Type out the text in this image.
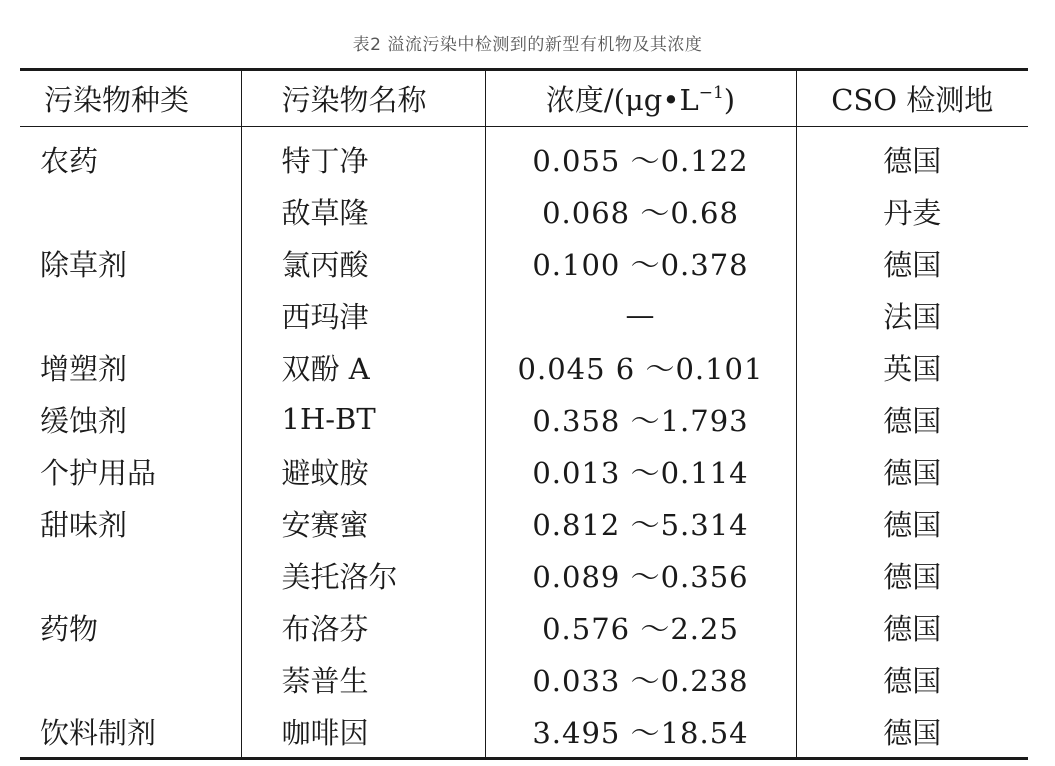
表2 溢流污染中检测到的新型有机物及其浓度
污染物种类	污染物名称	浓度$/(\mu g•L^{-1})$	CSO 检测地
农药	特丁净	0.055 ～0.122	德国
	敌草隆	0.068 ～0.68	丹麦
除草剂	氯丙酸	0.100 ～0.378	德国
	西玛津	—	法国
增塑剂	双酚 A	0.045 6 ～0.101	英国
缓蚀剂	1H-BT	0.358 ～1.793	德国
个护用品	避蚊胺	0.013 ～0.114	德国
甜味剂	安赛蜜	0.812 ～5.314	德国
	美托洛尔	0.089 ～0.356	德国
药物	布洛芬	0.576 ～2.25	德国
	萘普生	0.033 ～0.238	德国
饮料制剂	咖啡因	3.495 ～18.54	德国
